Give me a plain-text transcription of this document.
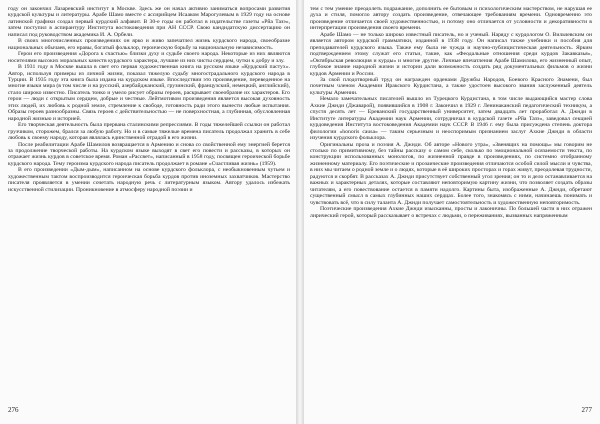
году он закончил Лазаревский институт в Москве. Здесь же он начал активно заниматься вопросами развития курдской культуры и литературы. Арабе Шамо вместе с ассирийцем Исааком Марогулевым в 1929 году на основе латинской графики создал первый курдский алфавит. В 30-е годы он работал в издательстве газеты «Рйа Тазэ», затем поступил в аспирантуру Института востоковедения при АН СССР. Свою кандидатскую диссертацию он написал под руководством академика И. А. Орбели.

В своих многочисленных произведениях он ярко и живо запечатлел жизнь курдского народа, своеобразие национальных обычаев, его нравы, богатый фольклор, героическую борьбу за национальную независимость.

Герои его произведения «Дорога к счастью» близки духу и судьбе своего народа. Некоторые из них являются носителями высоких моральных качеств курдского характера, лучшие из них чисты сердцем, чутки к добру и злу.

В 1931 году в Москве вышла в свет его первая художественная книга на русском языке «Курдский пастух». Автор, используя примеры из личной жизни, показал тяжелую судьбу многострадального курдского народа в Турции. В 1935 году эта книга была издана на курдском языке. Впоследствии это произведение, переведенное на многие языки мира (в том числе и на русский, азербайджанский, грузинский, французский, немецкий, английский), стало широко известно. Писатель тонко и умело рисует образы героев, раскрывает своеобразие их характеров. Его герои — люди с открытым сердцем, добрые и честные. Лейтмотивом произведения является высокая духовность этих людей, их любовь к родной земле, стремление к свободе, готовность ради этого вынести любые испытания. Образы героев разнообразны. Связь героев с действительностью — не поверхностная, а глубинная, обусловленная народной жизнью и историей.

Его творческая деятельность была прервана сталинскими репрессиями. В годы тяжелейшей ссылки он работал грузчиком, сторожем, брался за любую работу. Но и в самые тяжелые времена писатель продолжал хранить в себе любовь к своему народу, которая являлась единственной отрадой в его жизни.

После реабилитации Арабе Шамилов возвращается в Армению и снова со свойственной ему энергией берется за продолжение творческой работы. На курдском языке выходят в свет его повести и рассказы, в которых он отражает жизнь курдов в советское время. Роман «Рассвет», написанный в 1958 году, посвящен героической борьбе курдского народа. Тему героизма курдского народа писатель продолжает в романе «Счастливая жизнь» (1959).

В его произведении «Дым-дым», написанном на основе курдского фольклора, с необыкновенным чутьем и художественным тактом воспроизводится героическая борьба курдов против иноземных захватчиков. Мастерство писателя проявляется в умении сочетать народную речь с литературным языком. Автору удалось избежать искусственной стилизации. Проникновение в атмосферу народной поэзии и

276

тем с тем умение преодолеть подражание, дополнить ее бытовым и психологическим мастерством, не нарушая ее духа и стиля, помогло автору создать произведение, отвечающее требованиям времени. Одновременно это произведение отличается своей художественностью, и потому оно отличается от условности и декоративности в интерпретации произведения своего времени.

Арабе Шамо — не только широко известный писатель, но и ученый. Наряду с курдологом О. Вильчевским он является автором курдской грамматики, изданной в 1938 году. Он написал также учебники и пособия для преподавателей курдского языка. Также ему была не чужда и научно-публицистическая деятельность. Ярким подтверждением этому служат его статьи, такие, как «Феодальные отношения среди курдов Закавказья», «Октябрьская революция и курды» и многие другие. Личные впечатления Арабе Шамилова, его жизненный опыт, глубокое знание народной жизни и истории дали возможность создать ряд документальных фильмов о жизни курдов Армении и России.

За свой плодотворный труд он награжден орденами Дружбы Народов, Боевого Красного Знамени, был почетным членом Академии Иракского Курдистана, а также удостоен высокого звания заслуженный деятель культуры Армении.

Немало замечательных писателей вышло из Турецкого Курдистана, в том числе выдающийся мастер слова Ахкие Джнди (Джаварой), появившийся в 1908 г. Закончил в 1929 г. Ленинаканский педагогический техникум, а спустя десять лет — Ереванский государственный университет, затем двадцать лет проработал А. Джнди в Институте литературы Академии наук Армении, сотрудничал в курдской газете «Рйа Тазэ», заведовал секцией курдоведения Института востоковедения Академии наук СССР. В 1946 г. ему была присуждена степень доктора филологии «honoris causa» — таким серьезным и неоспоримым признанием заслуг Ахкие Джнди в области изучения курдского фольклора.

Оригинальны проза и поэзия А. Джнди. Об авторе «Нового утра», «Звенящих на помощь» мы говорим не столько по примитивному, без тайны рассказу о самом себе, сколько по эмоциональной осязаемости текста, по конструкции использованных монологов, по жизненной правде в произведениях, по системно отобранному жизненному материалу. Его поэтические и прозаические произведения отличаются особой силой мысли и чувства, в них мы читаем о родной земле и о людях, которые в её широких просторах и горах живут, преодолевая трудности, радуются и скорбят. В рассказах А. Джнди присутствует собственный угол зрения; он то и дело останавливается на важных и характерных деталях, которые составляют неповторимую картину жизни, что позволяет создать образы читателям, а его повествование остается в памяти надолго. Картины быта, изображенные А. Джнди, обретают существенный смысл в самых глубинных наших сердцах. Более того, знакомясь с ними, начинаешь понимать и чувствовать всё, что в силу таланта А. Джнди получает самостоятельность и художественную неповторимость.

Поэтические произведения Ахкие Джнди изысканны, просты и лаконичны. По большей части в них отражен лирический герой, который рассказывает о встречах с людьми, о переживаниях, вызванных напряженным

277
